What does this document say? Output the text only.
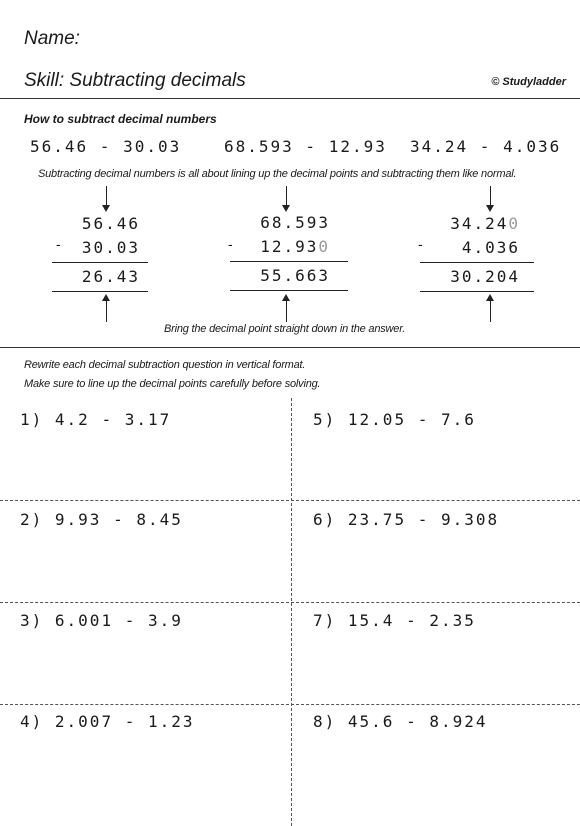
Name:
Skill: Subtracting decimals	© Studyladder
How to subtract decimal numbers
56.46 - 30.03	68.593 - 12.93 34.24 - 4.036
Subtracting decimal numbers is all about lining up the decimal points and subtracting them like normal.
56.46
-	30.03
26.43
68.593
-	12.930
55.663
34.240
-	4.036
30.204
Bring the decimal point straight down in the answer.
Rewrite each decimal subtraction question in vertical format.
Make sure to line up the decimal points carefully before solving.
1) 4.2 - 3.17
2) 9.93 - 8.45
3) 6.001 - 3.9
4) 2.007 - 1.23
5) 12.05 - 7.6
6) 23.75 - 9.308
7) 15.4 - 2.35
8) 45.6 - 8.924
